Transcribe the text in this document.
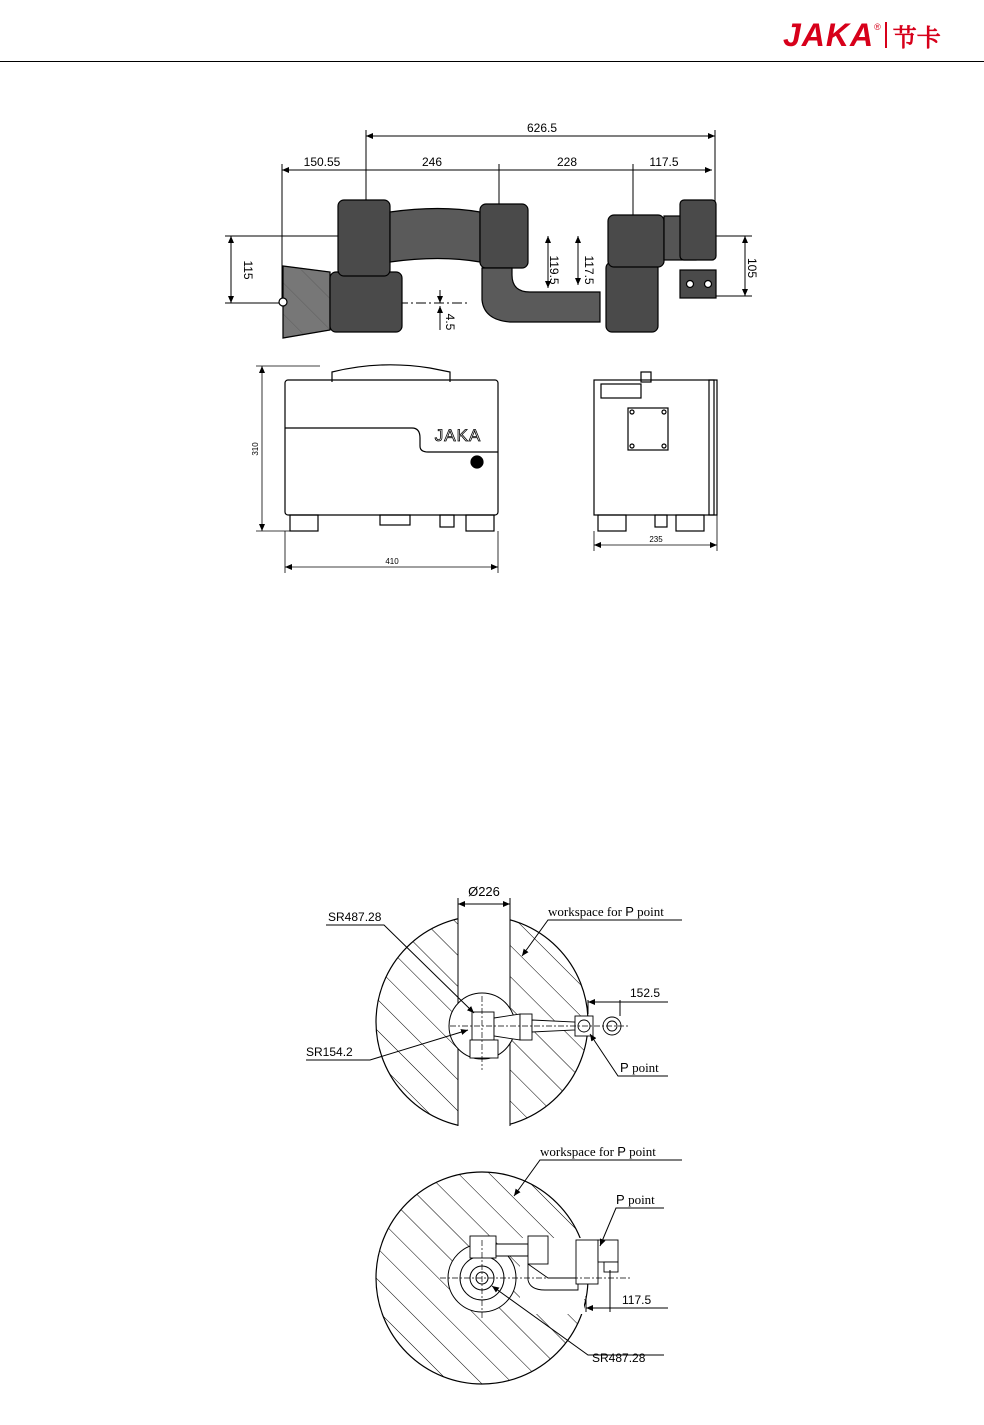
JAKA ® 节卡
626.5
150.55	246	228	117.5
115	119.5 117.5	105
4.5
JAKA
310
410
235
Ø226
SR487.28
SR154.2
152.5
workspace for P point
P point
workspace for P point
P point
117.5
SR487.28
